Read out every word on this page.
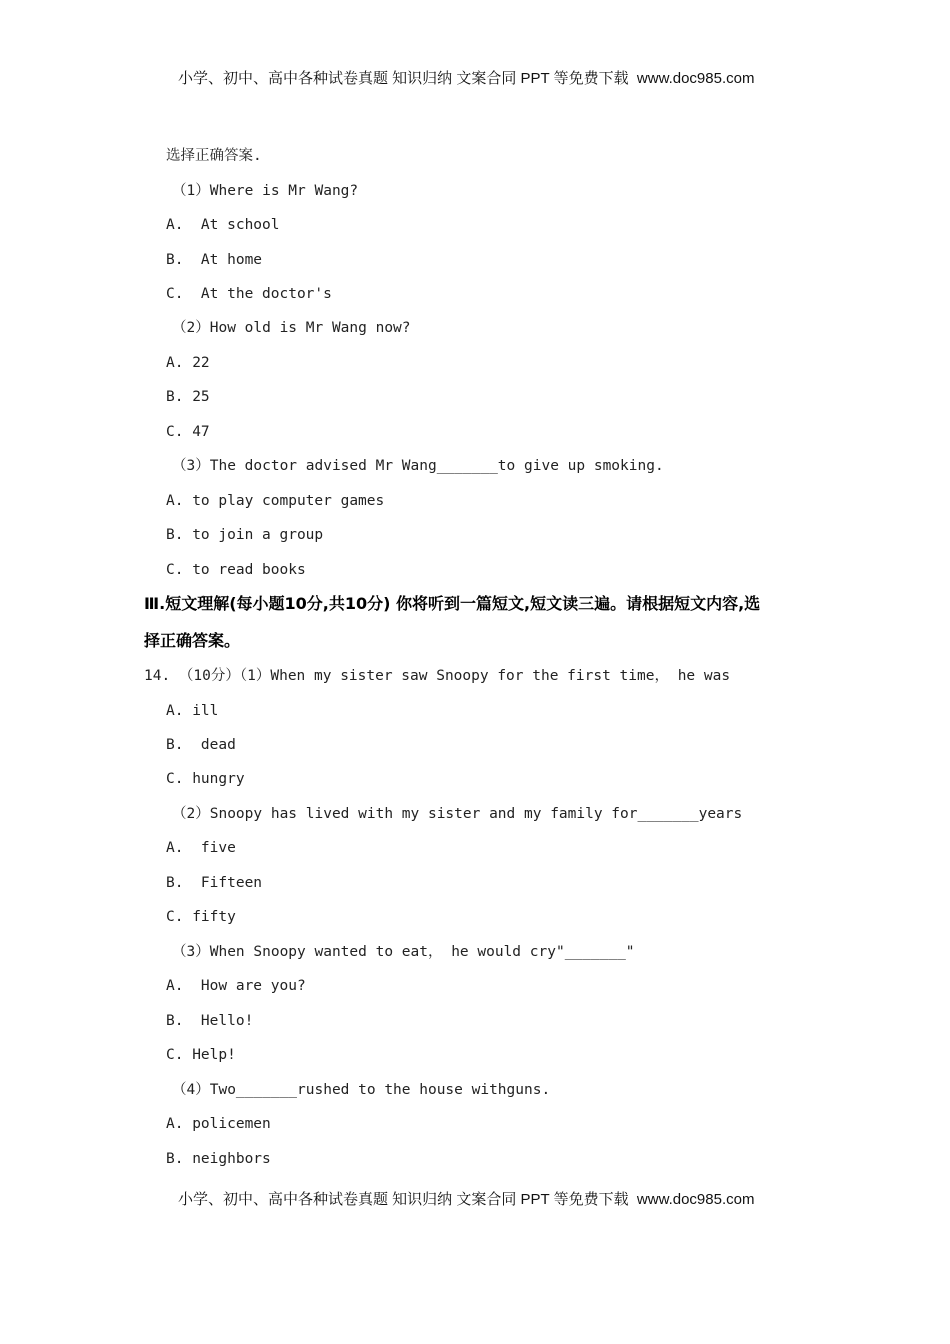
小学、初中、高中各种试卷真题 知识归纳 文案合同 PPT 等免费下载  www.doc985.com
选择正确答案.
（1）Where is Mr Wang?
A.  At school
B.  At home
C.  At the doctor's
（2）How old is Mr Wang now?
A. 22
B. 25
C. 47
（3）The doctor advised Mr Wang_______to give up smoking.
A. to play computer games
B. to join a group
C. to read books
Ⅲ.短文理解(每小题10分,共10分) 你将听到一篇短文,短文读三遍。请根据短文内容,选
择正确答案。
14. （10分）（1）When my sister saw Snoopy for the first time， he was
A. ill
B.  dead
C. hungry
（2）Snoopy has lived with my sister and my family for_______years
A.  five
B.  Fifteen
C. fifty
（3）When Snoopy wanted to eat， he would cry"_______"
A.  How are you?
B.  Hello!
C. Help!
（4）Two_______rushed to the house withguns.
A. policemen
B. neighbors
小学、初中、高中各种试卷真题 知识归纳 文案合同 PPT 等免费下载  www.doc985.com
